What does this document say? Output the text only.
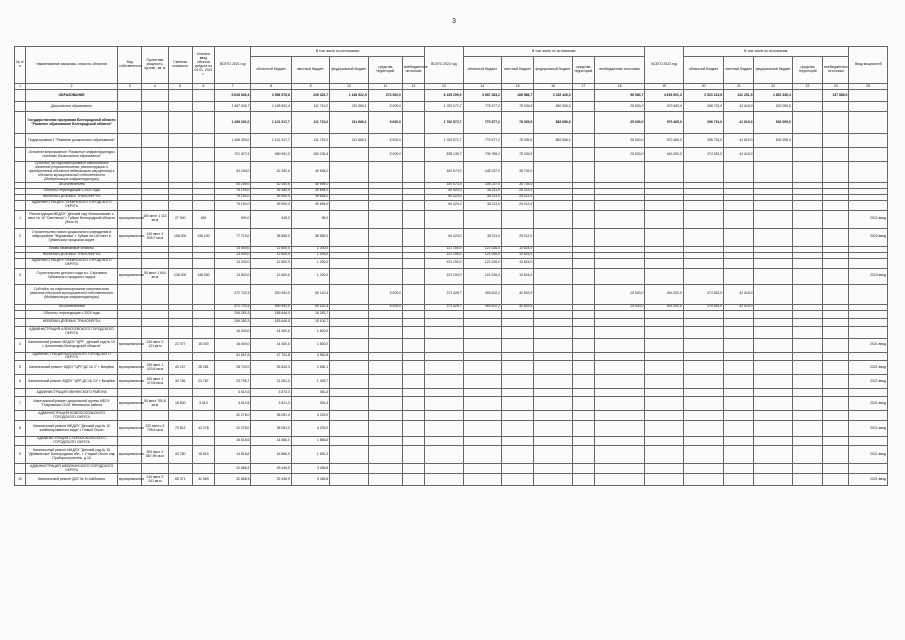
3
№ п/п	Наименование заказчика, отрасли, объектов	Вид собственности	Проектная мощность, ед.изм., кв. м	Сметная стоимость	Освоено ввод объекта средств на 01.01. 2021 г.	ВСЕГО 2021 год	В том числе по источникам:					ВСЕГО 2022 год	В том числе по источникам:					ВСЕГО 2023 год	В том числе по источникам:					Ввод мощностей
							областной бюджет	местный бюджет	федеральный бюджет	средства территорий	внебюджетные источники		областной бюджет	местный бюджет	федеральный бюджет	средства территорий	внебюджетные источники		областной бюджет	местный бюджет	федеральный бюджет	средства территорий	внебюджетные источники	
1	2	3	4	5	6	7	8	9	10	11	12	13	14	15	16	17	18	19	20	21	22	23	24	25
	ОБРАЗОВАНИЕ					5 628 526,4	3 556 578,8	249 424,7	1 148 522,9	274 000,0		6 155 259,9	3 687 263,2	188 986,7	2 182 426,3		96 583,7	4 653 901,3	2 523 224,5	142 201,5	1 851 336,4		137 886,9	
	Дошкольное образование					1 487 036,7	1 158 651,4	111 719,2	211 666,1	5 000,0		1 762 572,7	779 577,2	78 339,5	882 656,0		25 000,0	970 465,0	396 731,0	41 619,0	532 095,0			
	Государственная программа Белгородской области "Развитие образования Белгородской области"					1 456 303,0	1 121 917,7	111 719,2	211 666,1	5 000,0		1 762 572,7	779 577,2	78 339,5	882 656,0		25 000,0	970 465,0	396 731,0	41 619,0	532 095,0			
	Подпрограмма 1 "Развитие дошкольного образования"					1 456 303,0	1 121 917,7	111 719,2	211 666,1	5 000,0		1 762 572,7	779 577,2	78 339,5	882 656,0		25 000,0	970 465,0	396 731,0	41 619,0	532 095,0			
	Основное мероприятие "Развитие инфраструктуры системы дошкольного образования"					701 927,9	590 691,5	106 236,4		5 000,0		838 138,7	736 799,2	78 339,5			25 000,0	416 200,0	374 581,0	41 619,0				
	Субсидии на софинансирование капитальных вложений (строительства, реконструкции и приобретения объектов недвижимого имущества) в объекты муниципальной собственности (Модернизация инфраструктуры)					93 194,0	52 160,6	40 694,0				181 573,0	148 237,0	38 736,0										
	За исключением					93 194,0	52 160,6	40 694,0				181 573,0	148 237,0	38 736,0										
	Объекты, переходящие с 2020 года					79 194,0	39 160,0	39 694,0				60 423,0	35 211,0	25 212,0										
	НЕВЯЗКИ ЦЕЛЕВЫХ ТРАНСФЕРТЫ					79 194,0	39 500,0	39 694,0				60 423,0	35 211,0	25 212,0										
	АДМИНИСТРАЦИЯ ГУБКИНСКОГО ГОРОДСКОГО ОКРУГА					79 194,0	39 500,0	39 694,0				60 423,0	35 211,0	25 212,0										
1	Реконструкция МБДОУ "Детский сад «Колокольчик» с мест № 10 "Светлячок" г. Губкин Белгородской области (блок А)	муниципальная	160 мест 1 113 кв.м	27 000	450	900,0	445,0	95,0																2021 ввод
2	Строительство нового дошкольного учреждения в микрорайоне "Журавлики" г. Губкин на 140 мест в Губкинском городском округе	муниципальная	140 мест 2 945,7 кв.м	156 000	136 100	77 715,0	38 655,0	38 555,0				60 423,0	35 211,0	25 212,0										2022 ввод
	Вновь начинаемые объекты					14 000,0	12 600,0	1 200,0				121 150,0	121 026,0	10 524,0										
	НЕВЯЗКИ ЦЕЛЕВЫХ ТРАНСФЕРТЫ					13 000,0	12 600,0	1 200,0				121 150,0	121 026,0	10 524,0										
	АДМИНИСТРАЦИЯ ГУБКИНСКОГО ГОРОДСКОГО ОКРУГА					13 000,0	12 600,0	1 200,0				121 150,0	121 026,0	10 524,0										
3	Строительство детского сада в с. Сергиевка Губкинского городского округа	муниципальная	50 мест 1 604 кв.м	146 000	146 000	13 500,0	12 600,0	1 200,0				121 150,0	121 026,0	10 524,0										2023 ввод
	Субсидии на софинансирование капитального ремонта объектов муниципальной собственности (Модернизация инфраструктуры)					572 733,9	500 591,5	65 142,4		5 000,0		371 428,7	365 622,2	40 603,5			25 000,0	416 200,0	374 581,0	41 619,0				
	За исключением					572 733,9	500 591,5	65 142,4		5 000,0		371 428,7	365 622,2	40 603,5			25 000,0	416 200,0	374 581,0	41 619,0				
	Объекты, переходящие с 2020 года					206 283,3	185 646,0	18 283,7																
	НЕВЯЗКИ ЦЕЛЕВЫХ ТРАНСФЕРТЫ					206 283,3	183 646,0	18 100,7																
	АДМИНИСТРАЦИЯ АЛЕКСЕЕВСКОГО ГОРОДСКОГО ОКРУГА					16 000,0	14 400,0	1 600,0																
4	Капитальный ремонт МБДОУ "ЦРР - детский сад № 10 г. Алексеевка Белгородской области"	муниципальная	240 мест 2 121 кв.м	22 077	16 000	16 000,0	14 400,0	1 600,0																2021 ввод
	АДМИНИСТРАЦИЯ ВАЛУЙСКОГО ГОРОДСКОГО ОКРУГА					51 667,6	47 704,8	4 962,8																
5	Капитальный ремонт МДОУ "ЦРР-ДС № 2" г. Валуйки	муниципальная	150 мест 1 420,6 кв.м	40 157	28 281	28 700,0	25 643,0	2 566,1																2021 ввод
6	Капитальный ремонт МДОУ "ЦРР-ДС № 13" г. Валуйки	муниципальная	160 мест 1 474,8 кв.м	40 786	23 787	23 796,7	21 061,0	1 405,7																2021 ввод
	АДМИНИСТРАЦИЯ ИВНЯНСКОГО РАЙОНА					3 614,6	3 573,3	361,3																
7	Капитальный ремонт дошкольной группы МБОУ "Покровская СОШ" Ивнянского района	муниципальная	50 мест 780,8 кв.м	18 820	3 613	3 613,5	3 521,3	391,3																2021 ввод
	АДМИНИСТРАЦИЯ НОВООСКОЛЬСКОГО ГОРОДСКОГО ОКРУГА					42 278,0	38 051,0	4 229,0																
8	Капитальный ремонт МБДОУ "Детский сад № 10 комбинированного вида" г. Новый Оскол	муниципальная	220 место 3 795,8 кв.м	79 813	42 278	42 278,0	38 051,0	4 229,0																2021 ввод
	АДМИНИСТРАЦИЯ СТАРООСКОЛЬСКОГО ГОРОДСКОГО ОКРУГА					16 518,6	14 866,0	1 666,6																
9	Капитальный ремонт МАДОУ "Детский сад № 15 "Дюймовочка" Белгородская обл., г. Старый Оскол, мкр Приборостроитель, д.15	муниципальная	300 мест 2 587,99 кв.м	40 780	16 519	14 518,6	16 866,0	1 652,3																2021 ввод
	АДМИНИСТРАЦИЯ ШЕБЕКИНСКОГО ГОРОДСКОГО ОКРУГА					32 668,3	29 446,9	3 266,8																
10	Капитальный ремонт ДОУ № 5 г.Шебекино	муниципальная	210 мест 2 341 кв.м	68 071	32 669	32 668,3	29 446,9	3 266,8																2021 ввод
